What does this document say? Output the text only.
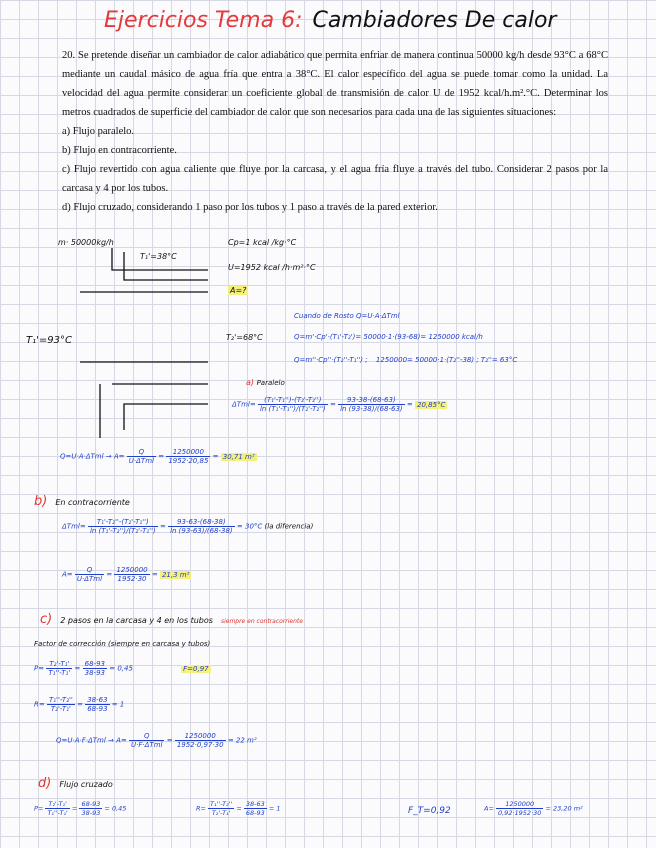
Ejercicios Tema 6: Cambiadores De calor

20. Se pretende diseñar un cambiador de calor adiabático que permita enfriar de manera continua 50000 kg/h desde 93°C a 68°C mediante un caudal másico de agua fría que entra a 38°C. El calor específico del agua se puede tomar como la unidad. La velocidad del agua permite considerar un coeficiente global de transmisión de calor U de 1952 kcal/h.m².°C. Determinar los metros cuadrados de superficie del cambiador de calor que son necesarios para cada una de las siguientes situaciones:

a) Flujo paralelo.

b) Flujo en contracorriente.

c) Flujo revertido con agua caliente que fluye por la carcasa, y el agua fría fluye a través del tubo. Considerar 2 pasos por la carcasa y 4 por los tubos.

d) Flujo cruzado, considerando 1 paso por los tubos y 1 paso a través de la pared exterior.

m· 50000kg/h
T₁'=38°C
T₁'=93°C	T₂'=68°C
Cp=1 kcal /kg·°C
U=1952 kcal /h·m²·°C
A=?
Cuando de Rosto Q=U·A·ΔTml
Q=m'·Cp'·(T₁'-T₂')= 50000·1·(93-68)= 1250000 kcal/h
Q=m''·Cp''·(T₂''-T₁'') ; 1250000= 50000·1·(T₂''-38) ; T₂''= 63°C
a) Paralelo
$\Delta Tml= \frac{\text{(T₁'-T₁'')-(T₂'-T₂'')}}{\text{ln (T₁'-T₁'')/(T₂'-T₂'')}} = \frac{93-38-(68-63)}{\ln (93-38)/(68-63)} = 20,85^\circ C$
$Q=U\cdot A\cdot\Delta Tml \to A= \frac{Q}{\text{U·ΔTml}} = \frac{1250000}{1952\cdot 20,85} = 30,71$ m²
b) En contracorriente
$\Delta Tml= \frac{\text{T₁'-T₂''-(T₂'-T₁'')}}{\text{ln (T₁'-T₂'')/(T₂'-T₁'')}} = \frac{93-63-(68-38)}{\ln (93-63)/(68-38)} = 30^\circ C$ (la diferencia)
$A= \frac{Q}{\text{U·ΔTml}} = \frac{1250000}{1952\cdot 30} = 21,3$ m²
c) 2 pasos en la carcasa y 4 en los tubos siempre en contracorriente
Factor de corrección (siempre en carcasa y tubos)
$P= \frac{\text{T₂'-T₁'}}{\text{T₁''-T₁'}} = \frac{68-93}{38-93} = 0,45$	F=0,97
$R= \frac{\text{T₁''-T₂''}}{\text{T₂'-T₁'}} = \frac{38-63}{68-93} = 1$
$Q=U\cdot A\cdot F\cdot\Delta Tml \to A= \frac{Q}{\text{U·F·ΔTml}} = \frac{1250000}{1952\cdot 0,97\cdot 30} = 22$ m²
d) Flujo cruzado
$P= \frac{\text{T₂'-T₁'}}{\text{T₁''-T₁'}} = \frac{68-93}{38-93} = 0,45$	$R= \frac{\text{T₁''-T₂''}}{\text{T₂'-T₁'}} = \frac{38-63}{68-93} = 1$	F_T=0,92	$A= \frac{1250000}{0,92\cdot 1952\cdot 30} = 23,20$ m²
